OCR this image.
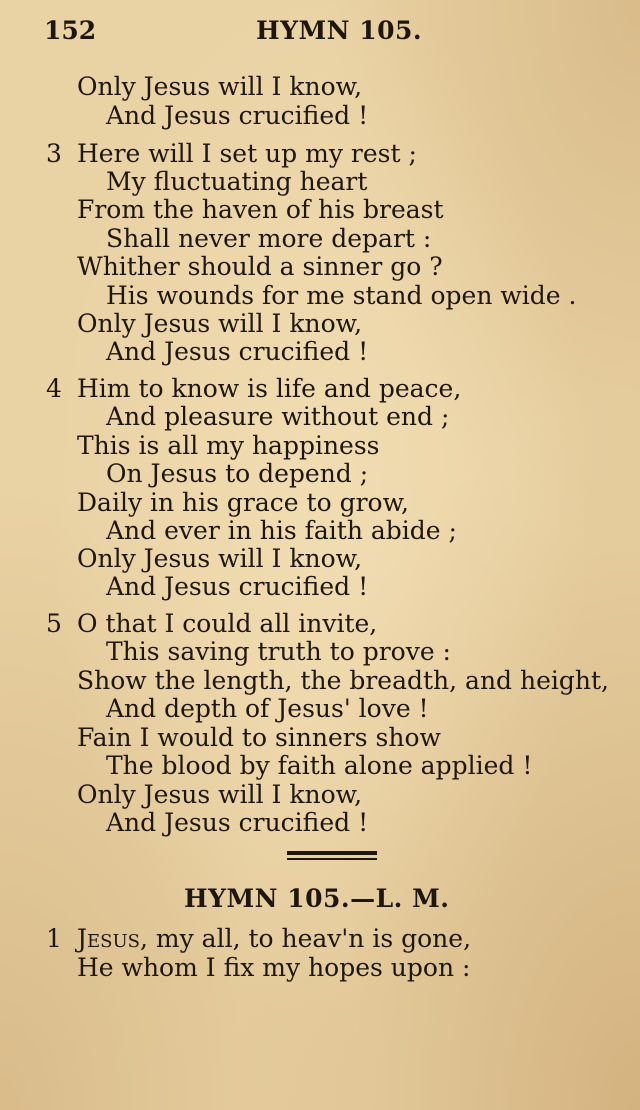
152	HYMN 105.
Only Jesus will I know,
And Jesus crucified !
3 Here will I set up my rest ;
My fluctuating heart
From the haven of his breast
Shall never more depart :
Whither should a sinner go ?
His wounds for me stand open wide .
Only Jesus will I know,
And Jesus crucified !
4 Him to know is life and peace,
And pleasure without end ;
This is all my happiness
On Jesus to depend ;
Daily in his grace to grow,
And ever in his faith abide ;
Only Jesus will I know,
And Jesus crucified !
5 O that I could all invite,
This saving truth to prove :
Show the length, the breadth, and height,
And depth of Jesus' love !
Fain I would to sinners show
The blood by faith alone applied !
Only Jesus will I know,
And Jesus crucified !
HYMN 105.—L. M.
1 Jesus, my all, to heav'n is gone,
He whom I fix my hopes upon :
